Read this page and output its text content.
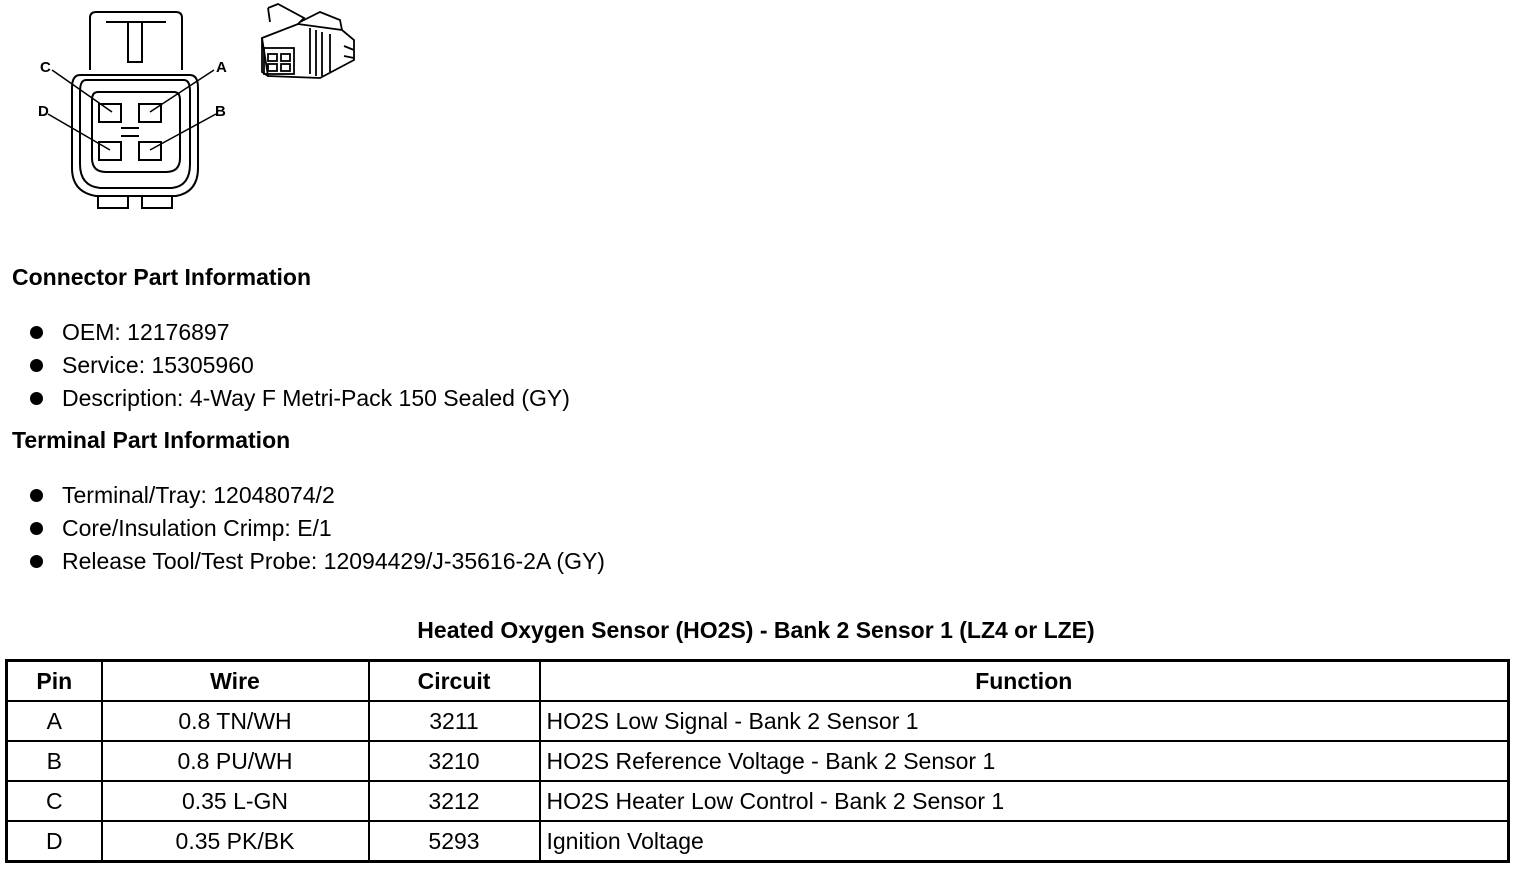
C	A
D	B
Connector Part Information
OEM: 12176897
Service: 15305960
Description: 4-Way F Metri-Pack 150 Sealed (GY)
Terminal Part Information
Terminal/Tray: 12048074/2
Core/Insulation Crimp: E/1
Release Tool/Test Probe: 12094429/J-35616-2A (GY)
Heated Oxygen Sensor (HO2S) - Bank 2 Sensor 1 (LZ4 or LZE)
Pin	Wire	Circuit	Function
A	0.8 TN/WH	3211	HO2S Low Signal - Bank 2 Sensor 1
B	0.8 PU/WH	3210	HO2S Reference Voltage - Bank 2 Sensor 1
C	0.35 L-GN	3212	HO2S Heater Low Control - Bank 2 Sensor 1
D	0.35 PK/BK	5293	Ignition Voltage
